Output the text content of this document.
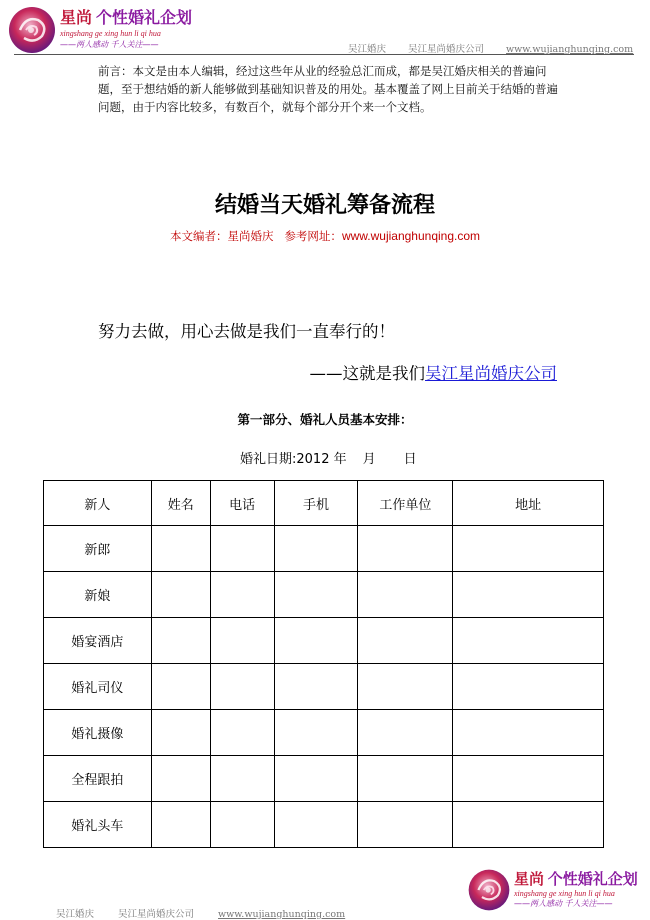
星尚 个性婚礼企划
xingshang ge xing hun li qi hua
——两人感动 千人关注——	吴江婚庆 吴江星尚婚庆公司 www.wujianghunqing.com
前言：本文是由本人编辑，经过这些年从业的经验总汇而成，都是吴江婚庆相关的普遍问题，至于想结婚的新人能够做到基础知识普及的用处。基本覆盖了网上目前关于结婚的普遍问题，由于内容比较多，有数百个，就每个部分开个来一个文档。
结婚当天婚礼筹备流程
本文编者：星尚婚庆 参考网址：www.wujianghunqing.com
努力去做，用心去做是我们一直奉行的！
——这就是我们吴江星尚婚庆公司
第一部分、婚礼人员基本安排：
婚礼日期:2012 年 月 日
新人	姓名	电话	手机	工作单位	地址
新郎					
新娘					
婚宴酒店					
婚礼司仪					
婚礼摄像					
全程跟拍					
婚礼头车					
星尚 个性婚礼企划
xingshang ge xing hun li qi hua
——两人感动 千人关注——
吴江婚庆	吴江星尚婚庆公司	www.wujianghunqing.com
